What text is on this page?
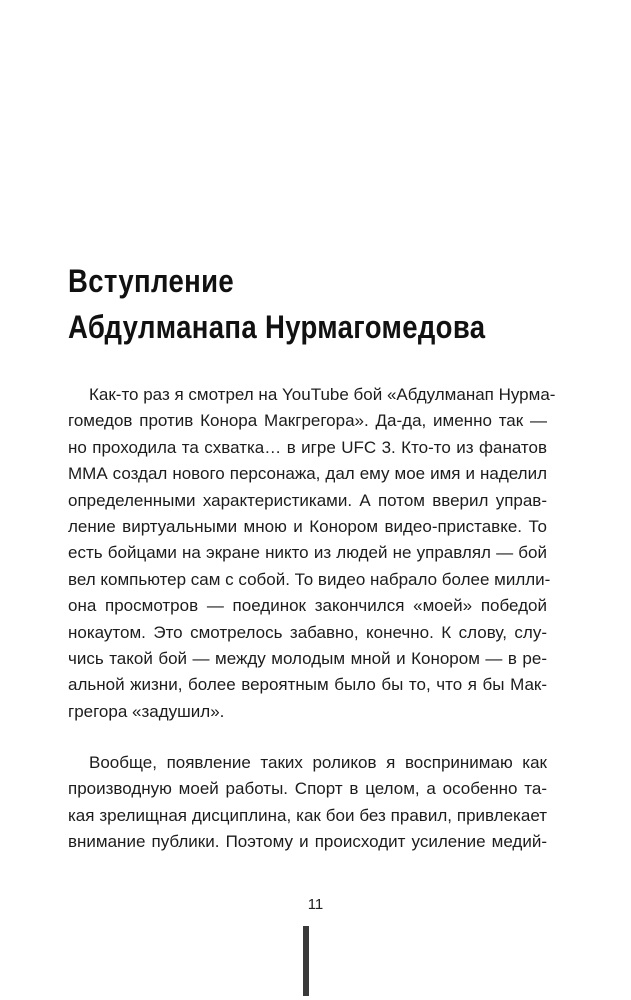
Вступление
Абдулманапа Нурмагомедова
Как-то раз я смотрел на YouTube бой «Абдулманап Нурма-
гомедов против Конора Макгрегора». Да-да, именно так —
но проходила та схватка… в игре UFC 3. Кто-то из фанатов
ММА создал нового персонажа, дал ему мое имя и наделил
определенными характеристиками. А потом вверил управ-
ление виртуальными мною и Конором видео-приставке. То
есть бойцами на экране никто из людей не управлял — бой
вел компьютер сам с собой. То видео набрало более милли-
она просмотров — поединок закончился «моей» победой
нокаутом. Это смотрелось забавно, конечно. К слову, слу-
чись такой бой — между молодым мной и Конором — в ре-
альной жизни, более вероятным было бы то, что я бы Мак-
грегора «задушил».
Вообще, появление таких роликов я воспринимаю как
производную моей работы. Спорт в целом, а особенно та-
кая зрелищная дисциплина, как бои без правил, привлекает
внимание публики. Поэтому и происходит усиление медий-
11
